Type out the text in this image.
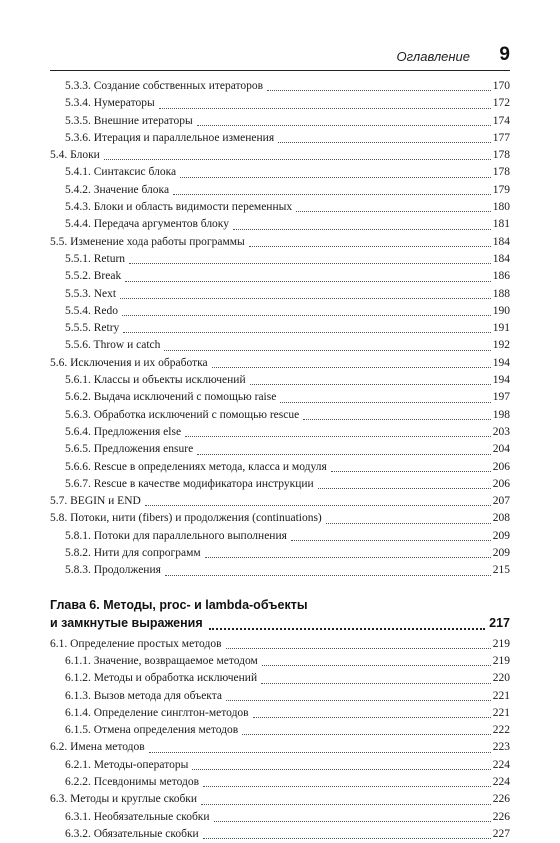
Оглавление 9
5.3.3. Создание собственных итераторов	170
5.3.4. Нумераторы	172
5.3.5. Внешние итераторы	174
5.3.6. Итерация и параллельное изменения	177
5.4. Блоки	178
5.4.1. Синтаксис блока	178
5.4.2. Значение блока	179
5.4.3. Блоки и область видимости переменных	180
5.4.4. Передача аргументов блоку	181
5.5. Изменение хода работы программы	184
5.5.1. Return	184
5.5.2. Break	186
5.5.3. Next	188
5.5.4. Redo	190
5.5.5. Retry	191
5.5.6. Throw и catch	192
5.6. Исключения и их обработка	194
5.6.1. Классы и объекты исключений	194
5.6.2. Выдача исключений с помощью raise	197
5.6.3. Обработка исключений с помощью rescue	198
5.6.4. Предложения else	203
5.6.5. Предложения ensure	204
5.6.6. Rescue в определениях метода, класса и модуля	206
5.6.7. Rescue в качестве модификатора инструкции	206
5.7. BEGIN и END	207
5.8. Потоки, нити (fibers) и продолжения (continuations)	208
5.8.1. Потоки для параллельного выполнения	209
5.8.2. Нити для сопрограмм	209
5.8.3. Продолжения	215
Глава 6. Методы, proc- и lambda-объекты
и замкнутые выражения	217
6.1. Определение простых методов	219
6.1.1. Значение, возвращаемое методом	219
6.1.2. Методы и обработка исключений	220
6.1.3. Вызов метода для объекта	221
6.1.4. Определение синглтон-методов	221
6.1.5. Отмена определения методов	222
6.2. Имена методов	223
6.2.1. Методы-операторы	224
6.2.2. Псевдонимы методов	224
6.3. Методы и круглые скобки	226
6.3.1. Необязательные скобки	226
6.3.2. Обязательные скобки	227
